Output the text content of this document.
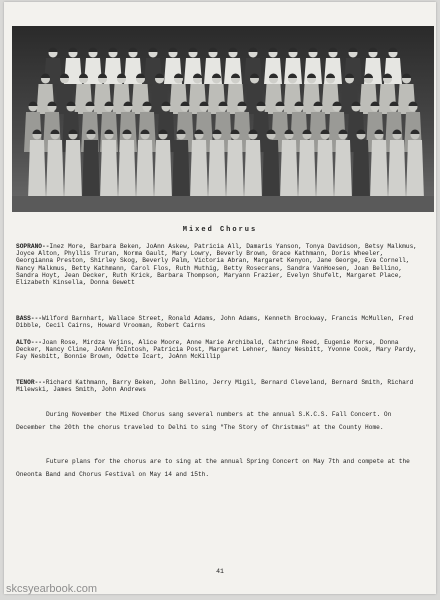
Mixed Chorus
SOPRANO--Inez More, Barbara Beken, JoAnn Askew, Patricia All, Damaris Yanson, Tonya Davidson, Betsy Malkmus, Joyce Alton, Phyllis Truran, Norma Gault, Mary Lowry, Beverly Brown, Grace Kathmann, Doris Wheeler, Georgianna Preston, Shirley Skog, Beverly Palm, Victoria Abran, Margaret Kenyon, Jane George, Eva Cornell, Nancy Malkmus, Betty Kathmann, Carol Flos, Ruth Muthig, Betty Rosecrans, Sandra VanHoesen, Joan Bellino, Sandra Hoyt, Jean Decker, Ruth Krick, Barbara Thompson, Maryann Frazier, Evelyn Shufelt, Margaret Place, Elizabeth Kinsella, Donna Gewett
BASS---Wilford Barnhart, Wallace Street, Ronald Adams, John Adams, Kenneth Brockway, Francis McMullen, Fred Dibble, Cecil Cairns, Howard Vrooman, Robert Cairns
ALTO---Joan Rose, Mirdza Vejins, Alice Moore, Anne Marie Archibald, Cathrine Reed, Eugenie Morse, Donna Decker, Nancy Cline, JoAnn McIntosh, Patricia Post, Margaret Lehner, Nancy Nesbitt, Yvonne Cook, Mary Pardy, Fay Nesbitt, Bonnie Brown, Odette Icart, JoAnn McKillip
TENOR---Richard Kathmann, Barry Beken, John Bellino, Jerry Migil, Bernard Cleveland, Bernard Smith, Richard Milewski, James Smith, John Andrews
During November the Mixed Chorus sang several numbers at the annual S.K.C.S. Fall Concert. On December the 20th the chorus traveled to Delhi to sing "The Story of Christmas" at the County Home.
Future plans for the chorus are to sing at the annual Spring Concert on May 7th and compete at the Oneonta Band and Chorus Festival on May 14 and 15th.
41
skcsyearbook.com
